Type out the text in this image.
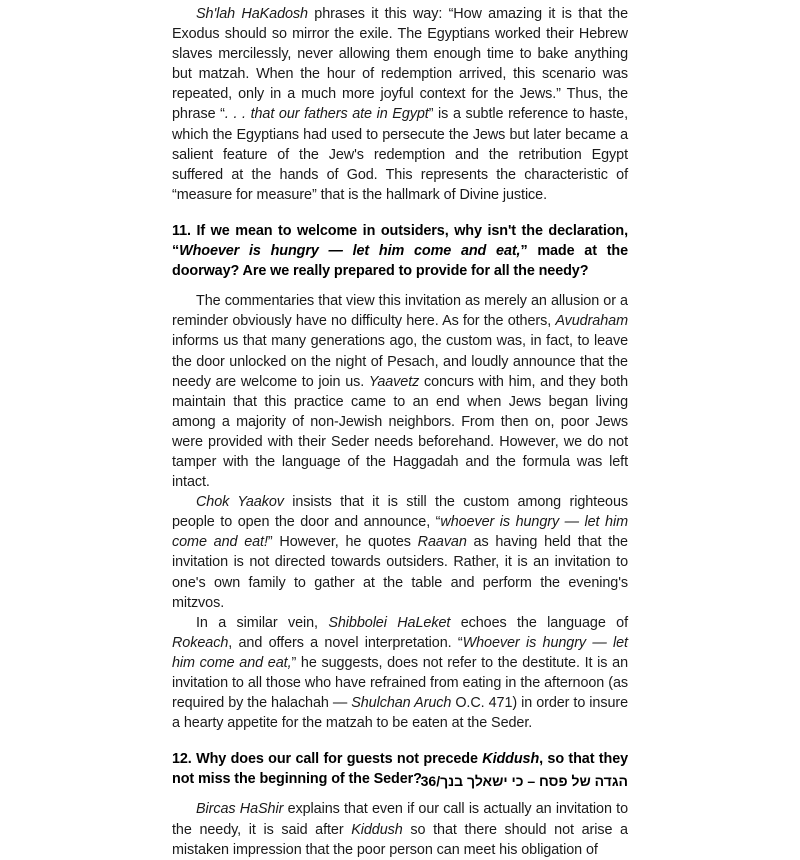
Sh'lah HaKadosh phrases it this way: “How amazing it is that the Exodus should so mirror the exile. The Egyptians worked their Hebrew slaves mercilessly, never allowing them enough time to bake anything but matzah. When the hour of redemption arrived, this scenario was repeated, only in a much more joyful context for the Jews.” Thus, the phrase “. . . that our fathers ate in Egypt” is a subtle reference to haste, which the Egyptians had used to persecute the Jews but later became a salient feature of the Jew's redemption and the retribution Egypt suffered at the hands of God. This represents the characteristic of “measure for measure” that is the hallmark of Divine justice.

11. If we mean to welcome in outsiders, why isn't the declaration, “Whoever is hungry — let him come and eat,” made at the doorway? Are we really prepared to provide for all the needy?

The commentaries that view this invitation as merely an allusion or a reminder obviously have no difficulty here. As for the others, Avudraham informs us that many generations ago, the custom was, in fact, to leave the door unlocked on the night of Pesach, and loudly announce that the needy are welcome to join us. Yaavetz concurs with him, and they both maintain that this practice came to an end when Jews began living among a majority of non-Jewish neighbors. From then on, poor Jews were provided with their Seder needs beforehand. However, we do not tamper with the language of the Haggadah and the formula was left intact.

Chok Yaakov insists that it is still the custom among righteous people to open the door and announce, “whoever is hungry — let him come and eat!” However, he quotes Raavan as having held that the invitation is not directed towards outsiders. Rather, it is an invitation to one's own family to gather at the table and perform the evening's mitzvos.

In a similar vein, Shibbolei HaLeket echoes the language of Rokeach, and offers a novel interpretation. “Whoever is hungry — let him come and eat,” he suggests, does not refer to the destitute. It is an invitation to all those who have refrained from eating in the afternoon (as required by the halachah — Shulchan Aruch O.C. 471) in order to insure a hearty appetite for the matzah to be eaten at the Seder.

12. Why does our call for guests not precede Kiddush, so that they not miss the beginning of the Seder?

Bircas HaShir explains that even if our call is actually an invitation to the needy, it is said after Kiddush so that there should not arise a mistaken impression that the poor person can meet his obligation of

הגדה של פסח – כי ישאלך בנך/36
